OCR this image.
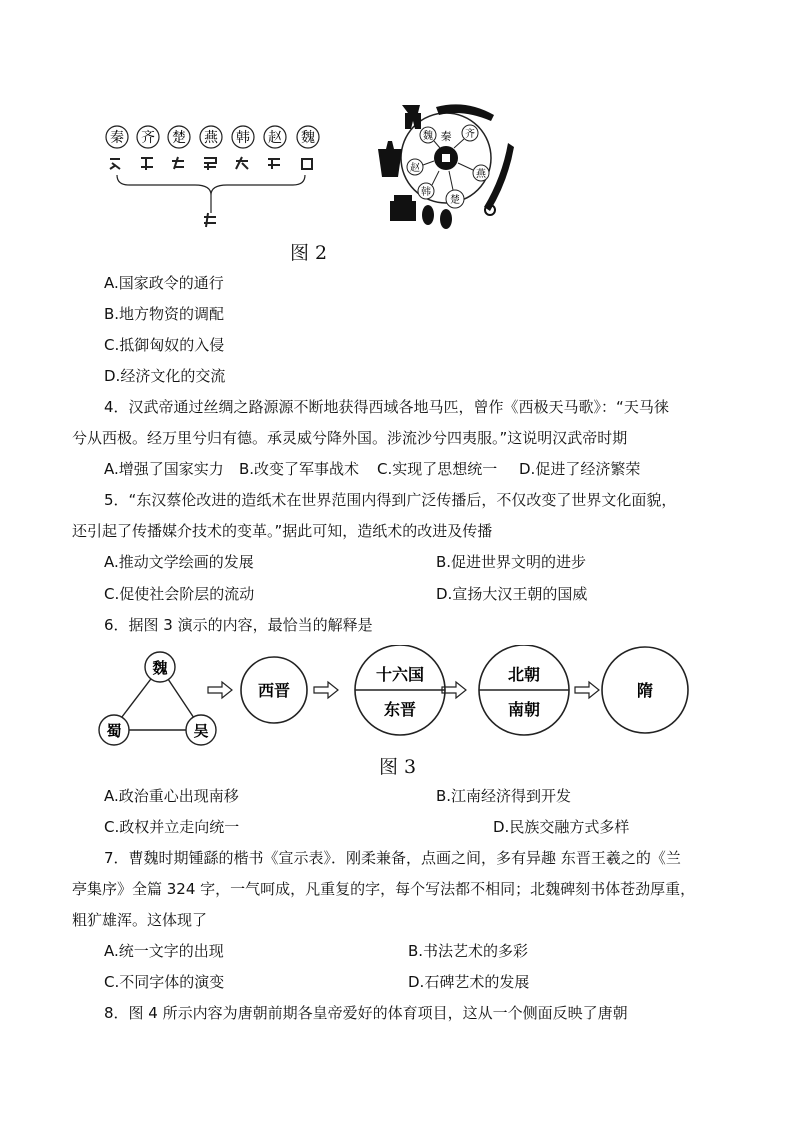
秦 齐 楚 燕 韩 赵 魏	魏 秦 齐
赵
燕
韩
楚
图 2
A.国家政令的通行
B.地方物资的调配
C.抵御匈奴的入侵
D.经济文化的交流
4．汉武帝通过丝绸之路源源不断地获得西域各地马匹，曾作《西极天马歌》：“天马徕
兮从西极。经万里兮归有德。承灵威兮降外国。涉流沙兮四夷服。”这说明汉武帝时期
A.增强了国家实力 B.改变了军事战术 C.实现了思想统一 D.促进了经济繁荣
5．“东汉蔡伦改进的造纸术在世界范围内得到广泛传播后，不仅改变了世界文化面貌，
还引起了传播媒介技术的变革。”据此可知，造纸术的改进及传播
A.推动文学绘画的发展	B.促进世界文明的进步
C.促使社会阶层的流动	D.宣扬大汉王朝的国威
6．据图 3 演示的内容，最恰当的解释是
魏
蜀	吴
西晋
十六国
东晋
北朝
南朝
隋
图 3
A.政治重心出现南移	B.江南经济得到开发
C.政权并立走向统一	D.民族交融方式多样
7．曹魏时期锺繇的楷书《宣示表》．刚柔兼备，点画之间，多有异趣 东晋王羲之的《兰
亭集序》全篇 324 字，一气呵成，凡重复的字，每个写法都不相同；北魏碑刻书体苍劲厚重，
粗犷雄浑。这体现了
A.统一文字的出现	B.书法艺术的多彩
C.不同字体的演变	D.石碑艺术的发展
8．图 4 所示内容为唐朝前期各皇帝爱好的体育项目，这从一个侧面反映了唐朝
